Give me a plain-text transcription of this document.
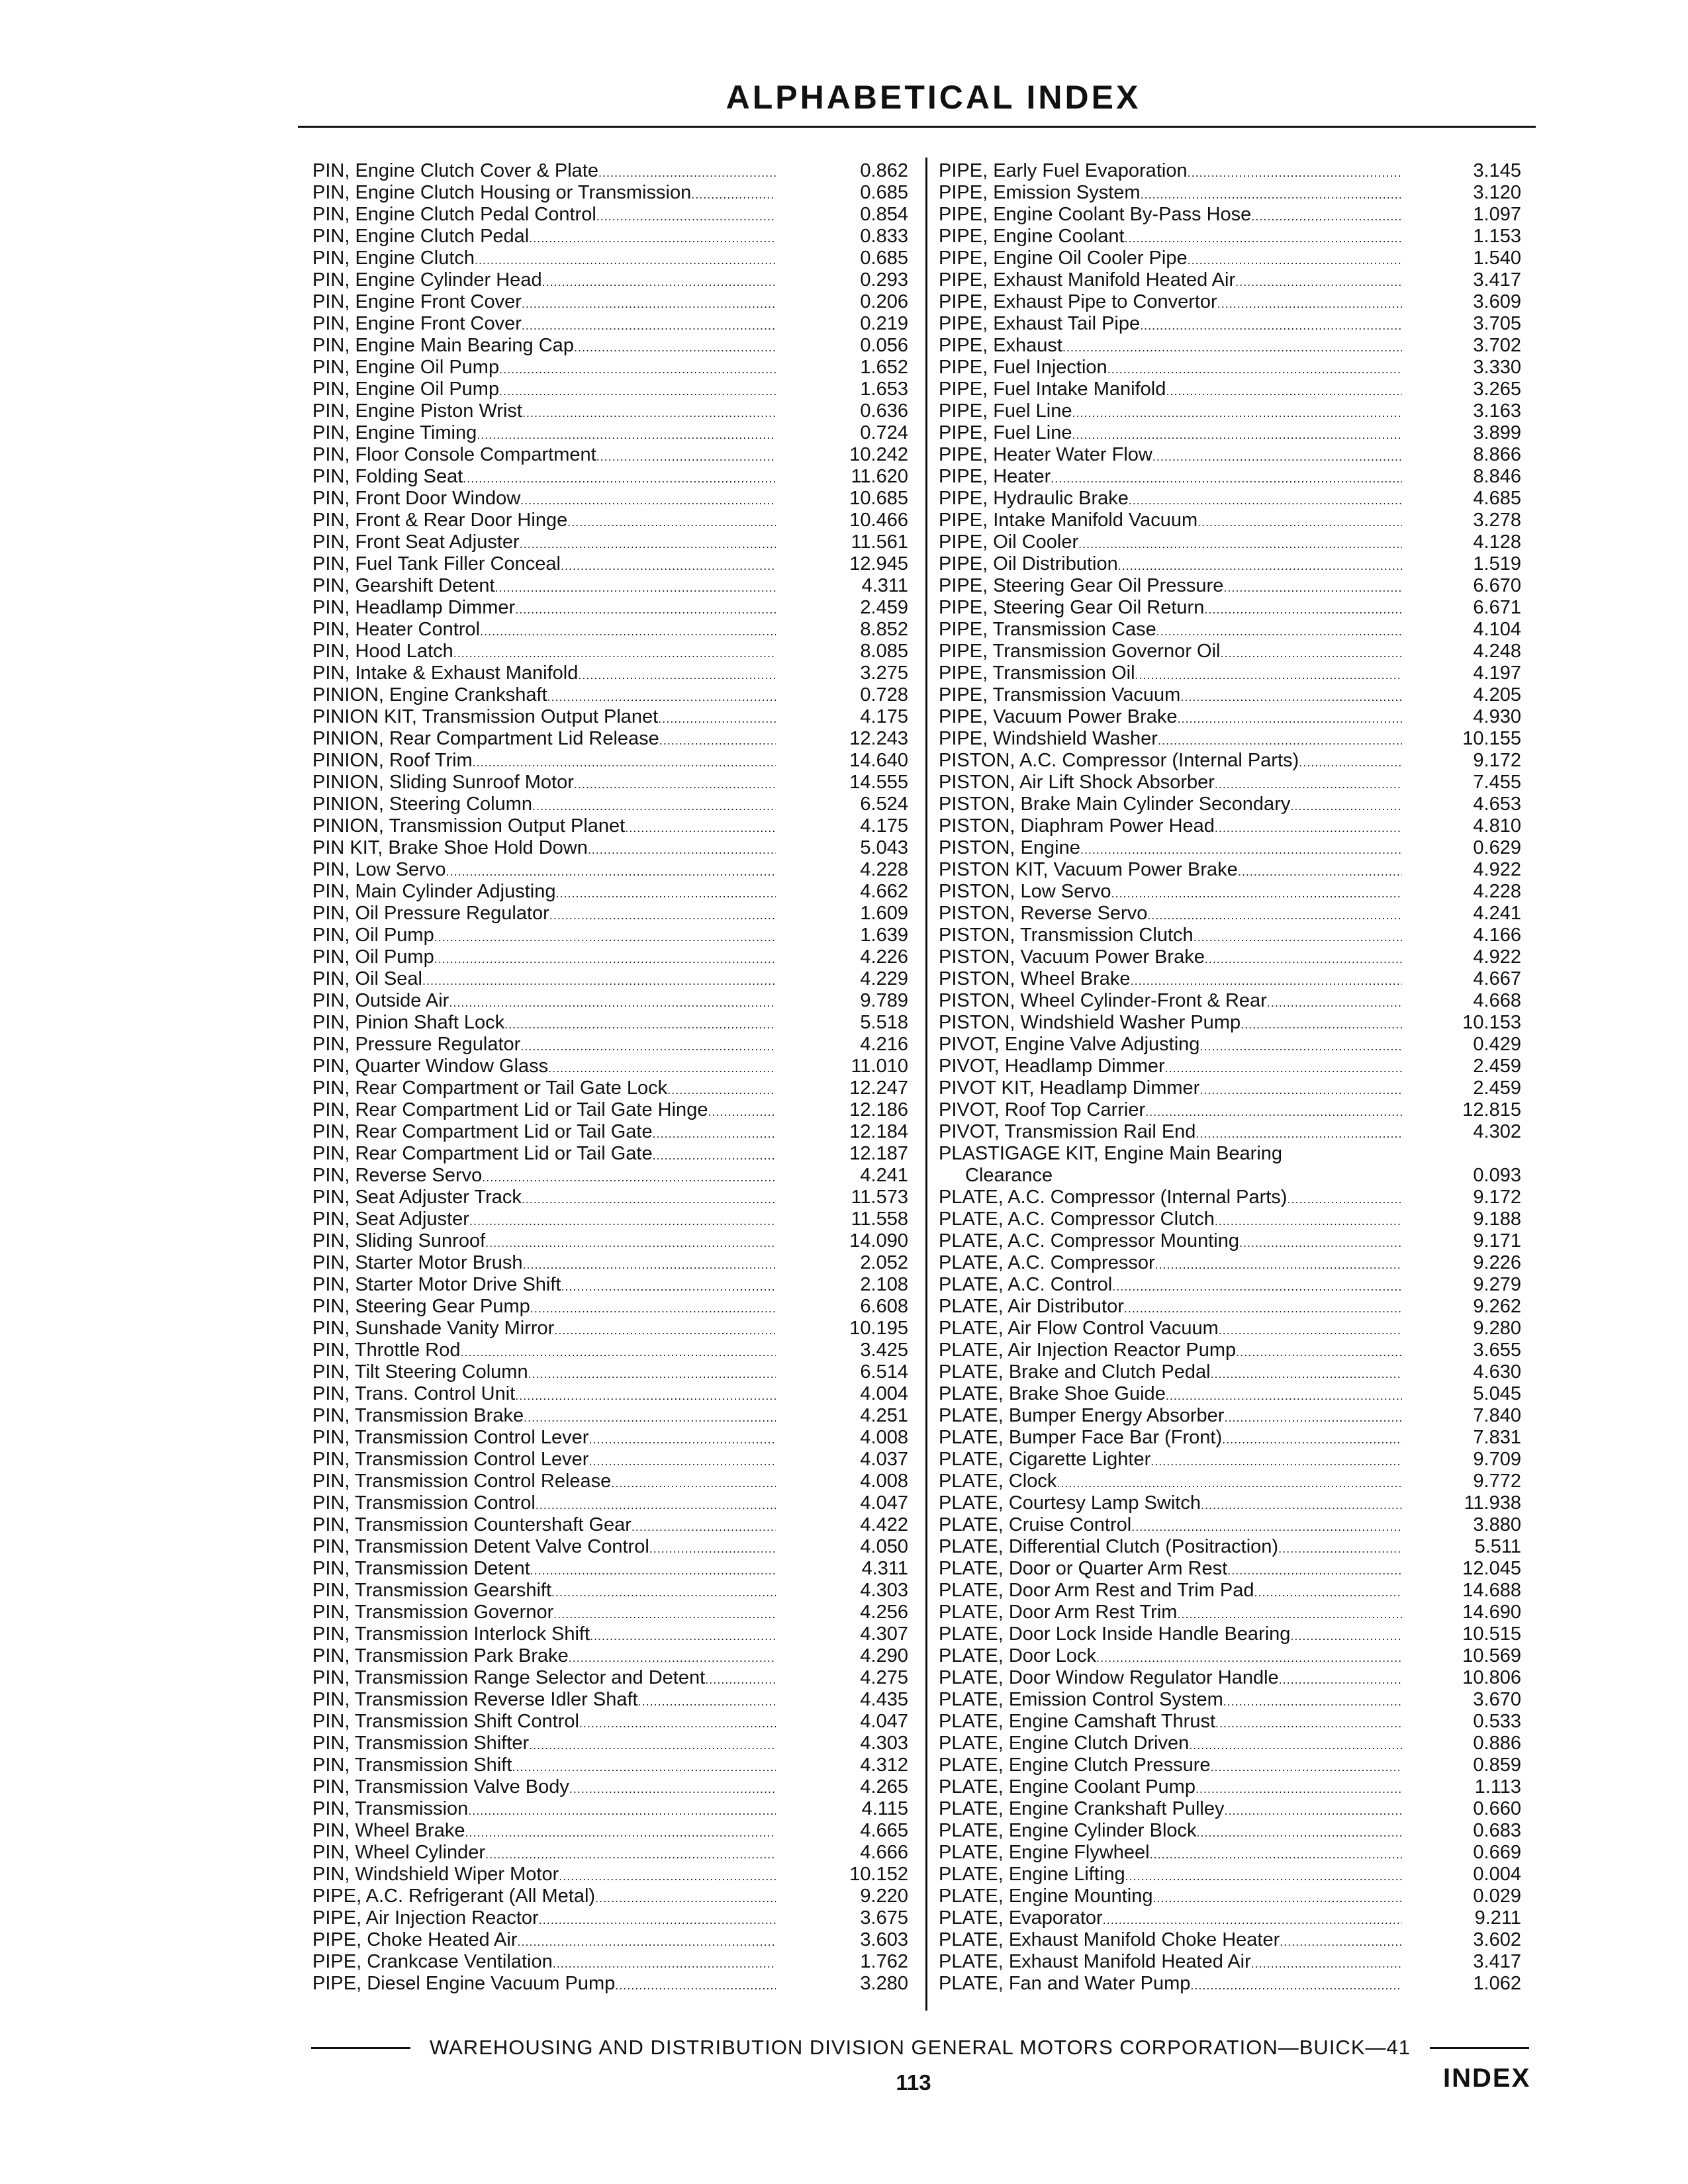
ALPHABETICAL INDEX
PIN, Engine Clutch Cover & Plate . . .	0.862
PIN, Engine Clutch Housing or Transmission . . .	0.685
PIN, Engine Clutch Pedal Control . . .	0.854
PIN, Engine Clutch Pedal . . .	0.833
PIN, Engine Clutch . . .	0.685
PIN, Engine Cylinder Head . . .	0.293
PIN, Engine Front Cover . . .	0.206
PIN, Engine Front Cover . . .	0.219
PIN, Engine Main Bearing Cap . . .	0.056
PIN, Engine Oil Pump . . .	1.652
PIN, Engine Oil Pump . . .	1.653
PIN, Engine Piston Wrist . . .	0.636
PIN, Engine Timing . . .	0.724
PIN, Floor Console Compartment . . .	10.242
PIN, Folding Seat . . .	11.620
PIN, Front Door Window . . .	10.685
PIN, Front & Rear Door Hinge . . .	10.466
PIN, Front Seat Adjuster . . .	11.561
PIN, Fuel Tank Filler Conceal . . .	12.945
PIN, Gearshift Detent . . .	4.311
PIN, Headlamp Dimmer . . .	2.459
PIN, Heater Control . . .	8.852
PIN, Hood Latch . . .	8.085
PIN, Intake & Exhaust Manifold . . .	3.275
PINION, Engine Crankshaft . . .	0.728
PINION KIT, Transmission Output Planet . . .	4.175
PINION, Rear Compartment Lid Release . . .	12.243
PINION, Roof Trim . . .	14.640
PINION, Sliding Sunroof Motor . . .	14.555
PINION, Steering Column . . .	6.524
PINION, Transmission Output Planet . . .	4.175
PIN KIT, Brake Shoe Hold Down . . .	5.043
PIN, Low Servo . . .	4.228
PIN, Main Cylinder Adjusting . . .	4.662
PIN, Oil Pressure Regulator . . .	1.609
PIN, Oil Pump . . .	1.639
PIN, Oil Pump . . .	4.226
PIN, Oil Seal . . .	4.229
PIN, Outside Air . . .	9.789
PIN, Pinion Shaft Lock . . .	5.518
PIN, Pressure Regulator . . .	4.216
PIN, Quarter Window Glass . . .	11.010
PIN, Rear Compartment or Tail Gate Lock . . .	12.247
PIN, Rear Compartment Lid or Tail Gate Hinge . . .	12.186
PIN, Rear Compartment Lid or Tail Gate . . .	12.184
PIN, Rear Compartment Lid or Tail Gate . . .	12.187
PIN, Reverse Servo . . .	4.241
PIN, Seat Adjuster Track . . .	11.573
PIN, Seat Adjuster . . .	11.558
PIN, Sliding Sunroof . . .	14.090
PIN, Starter Motor Brush . . .	2.052
PIN, Starter Motor Drive Shift . . .	2.108
PIN, Steering Gear Pump . . .	6.608
PIN, Sunshade Vanity Mirror . . .	10.195
PIN, Throttle Rod . . .	3.425
PIN, Tilt Steering Column . . .	6.514
PIN, Trans. Control Unit . . .	4.004
PIN, Transmission Brake . . .	4.251
PIN, Transmission Control Lever . . .	4.008
PIN, Transmission Control Lever . . .	4.037
PIN, Transmission Control Release . . .	4.008
PIN, Transmission Control . . .	4.047
PIN, Transmission Countershaft Gear . . .	4.422
PIN, Transmission Detent Valve Control . . .	4.050
PIN, Transmission Detent . . .	4.311
PIN, Transmission Gearshift . . .	4.303
PIN, Transmission Governor . . .	4.256
PIN, Transmission Interlock Shift . . .	4.307
PIN, Transmission Park Brake . . .	4.290
PIN, Transmission Range Selector and Detent . . .	4.275
PIN, Transmission Reverse Idler Shaft . . .	4.435
PIN, Transmission Shift Control . . .	4.047
PIN, Transmission Shifter . . .	4.303
PIN, Transmission Shift . . .	4.312
PIN, Transmission Valve Body . . .	4.265
PIN, Transmission . . .	4.115
PIN, Wheel Brake . . .	4.665
PIN, Wheel Cylinder . . .	4.666
PIN, Windshield Wiper Motor . . .	10.152
PIPE, A.C. Refrigerant (All Metal) . . .	9.220
PIPE, Air Injection Reactor . . .	3.675
PIPE, Choke Heated Air . . .	3.603
PIPE, Crankcase Ventilation . . .	1.762
PIPE, Diesel Engine Vacuum Pump . . .	3.280
PIPE, Early Fuel Evaporation . . .	3.145
PIPE, Emission System . . .	3.120
PIPE, Engine Coolant By-Pass Hose . . .	1.097
PIPE, Engine Coolant . . .	1.153
PIPE, Engine Oil Cooler Pipe . . .	1.540
PIPE, Exhaust Manifold Heated Air . . .	3.417
PIPE, Exhaust Pipe to Convertor . . .	3.609
PIPE, Exhaust Tail Pipe . . .	3.705
PIPE, Exhaust . . .	3.702
PIPE, Fuel Injection . . .	3.330
PIPE, Fuel Intake Manifold . . .	3.265
PIPE, Fuel Line . . .	3.163
PIPE, Fuel Line . . .	3.899
PIPE, Heater Water Flow . . .	8.866
PIPE, Heater . . .	8.846
PIPE, Hydraulic Brake . . .	4.685
PIPE, Intake Manifold Vacuum . . .	3.278
PIPE, Oil Cooler . . .	4.128
PIPE, Oil Distribution . . .	1.519
PIPE, Steering Gear Oil Pressure . . .	6.670
PIPE, Steering Gear Oil Return . . .	6.671
PIPE, Transmission Case . . .	4.104
PIPE, Transmission Governor Oil . . .	4.248
PIPE, Transmission Oil . . .	4.197
PIPE, Transmission Vacuum . . .	4.205
PIPE, Vacuum Power Brake . . .	4.930
PIPE, Windshield Washer . . .	10.155
PISTON, A.C. Compressor (Internal Parts) . . .	9.172
PISTON, Air Lift Shock Absorber . . .	7.455
PISTON, Brake Main Cylinder Secondary . . .	4.653
PISTON, Diaphram Power Head . . .	4.810
PISTON, Engine . . .	0.629
PISTON KIT, Vacuum Power Brake . . .	4.922
PISTON, Low Servo . . .	4.228
PISTON, Reverse Servo . . .	4.241
PISTON, Transmission Clutch . . .	4.166
PISTON, Vacuum Power Brake . . .	4.922
PISTON, Wheel Brake . . .	4.667
PISTON, Wheel Cylinder-Front & Rear . . .	4.668
PISTON, Windshield Washer Pump . . .	10.153
PIVOT, Engine Valve Adjusting . . .	0.429
PIVOT, Headlamp Dimmer . . .	2.459
PIVOT KIT, Headlamp Dimmer . . .	2.459
PIVOT, Roof Top Carrier . . .	12.815
PIVOT, Transmission Rail End . . .	4.302
PLASTIGAGE KIT, Engine Main Bearing
Clearance	0.093
PLATE, A.C. Compressor (Internal Parts) . . .	9.172
PLATE, A.C. Compressor Clutch . . .	9.188
PLATE, A.C. Compressor Mounting . . .	9.171
PLATE, A.C. Compressor . . .	9.226
PLATE, A.C. Control . . .	9.279
PLATE, Air Distributor . . .	9.262
PLATE, Air Flow Control Vacuum . . .	9.280
PLATE, Air Injection Reactor Pump . . .	3.655
PLATE, Brake and Clutch Pedal . . .	4.630
PLATE, Brake Shoe Guide . . .	5.045
PLATE, Bumper Energy Absorber . . .	7.840
PLATE, Bumper Face Bar (Front) . . .	7.831
PLATE, Cigarette Lighter . . .	9.709
PLATE, Clock . . .	9.772
PLATE, Courtesy Lamp Switch . . .	11.938
PLATE, Cruise Control . . .	3.880
PLATE, Differential Clutch (Positraction) . . .	5.511
PLATE, Door or Quarter Arm Rest . . .	12.045
PLATE, Door Arm Rest and Trim Pad . . .	14.688
PLATE, Door Arm Rest Trim . . .	14.690
PLATE, Door Lock Inside Handle Bearing . . .	10.515
PLATE, Door Lock . . .	10.569
PLATE, Door Window Regulator Handle . . .	10.806
PLATE, Emission Control System . . .	3.670
PLATE, Engine Camshaft Thrust . . .	0.533
PLATE, Engine Clutch Driven . . .	0.886
PLATE, Engine Clutch Pressure . . .	0.859
PLATE, Engine Coolant Pump . . .	1.113
PLATE, Engine Crankshaft Pulley . . .	0.660
PLATE, Engine Cylinder Block . . .	0.683
PLATE, Engine Flywheel . . .	0.669
PLATE, Engine Lifting . . .	0.004
PLATE, Engine Mounting . . .	0.029
PLATE, Evaporator . . .	9.211
PLATE, Exhaust Manifold Choke Heater . . .	3.602
PLATE, Exhaust Manifold Heated Air . . .	3.417
PLATE, Fan and Water Pump . . .	1.062
WAREHOUSING AND DISTRIBUTION DIVISION GENERAL MOTORS CORPORATION—BUICK—41
113	INDEX
